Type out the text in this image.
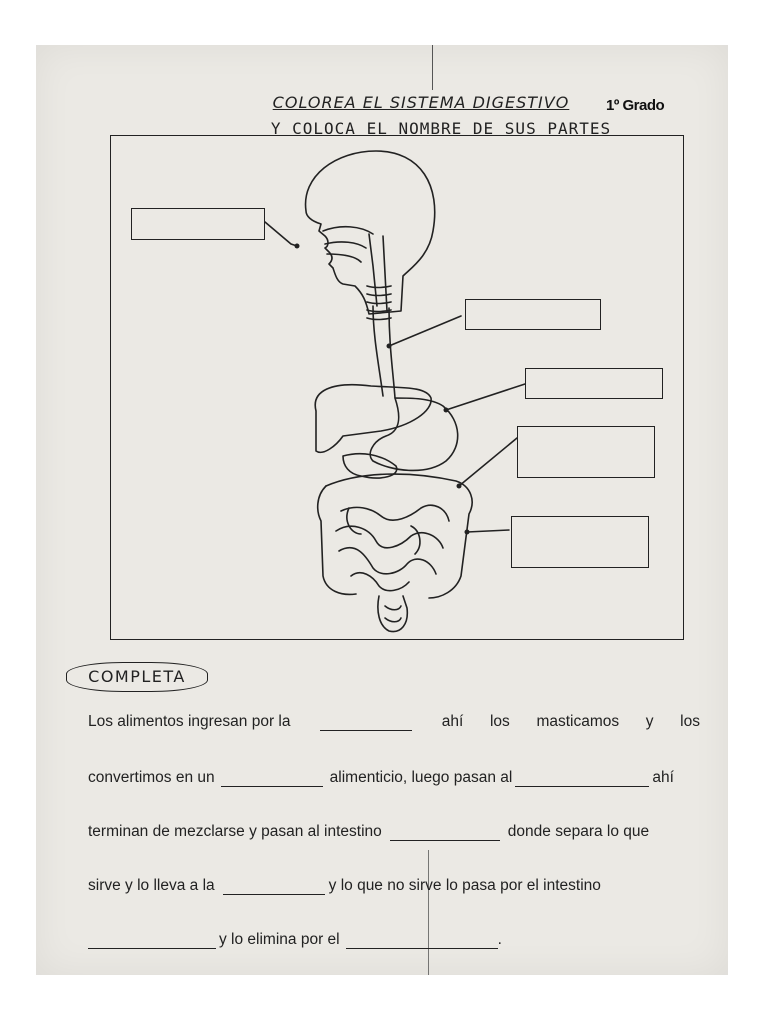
COLOREA EL SISTEMA DIGESTIVO	1º Grado
Y COLOCA EL NOMBRE DE SUS PARTES
COMPLETA
Los alimentos ingresan por la	ahí los masticamos y los
convertimos en un	alimenticio, luego pasan al	ahí
terminan de mezclarse y pasan al intestino	donde separa lo que
sirve y lo lleva a la	y lo que no sirve lo pasa por el intestino
y lo elimina por el	.
